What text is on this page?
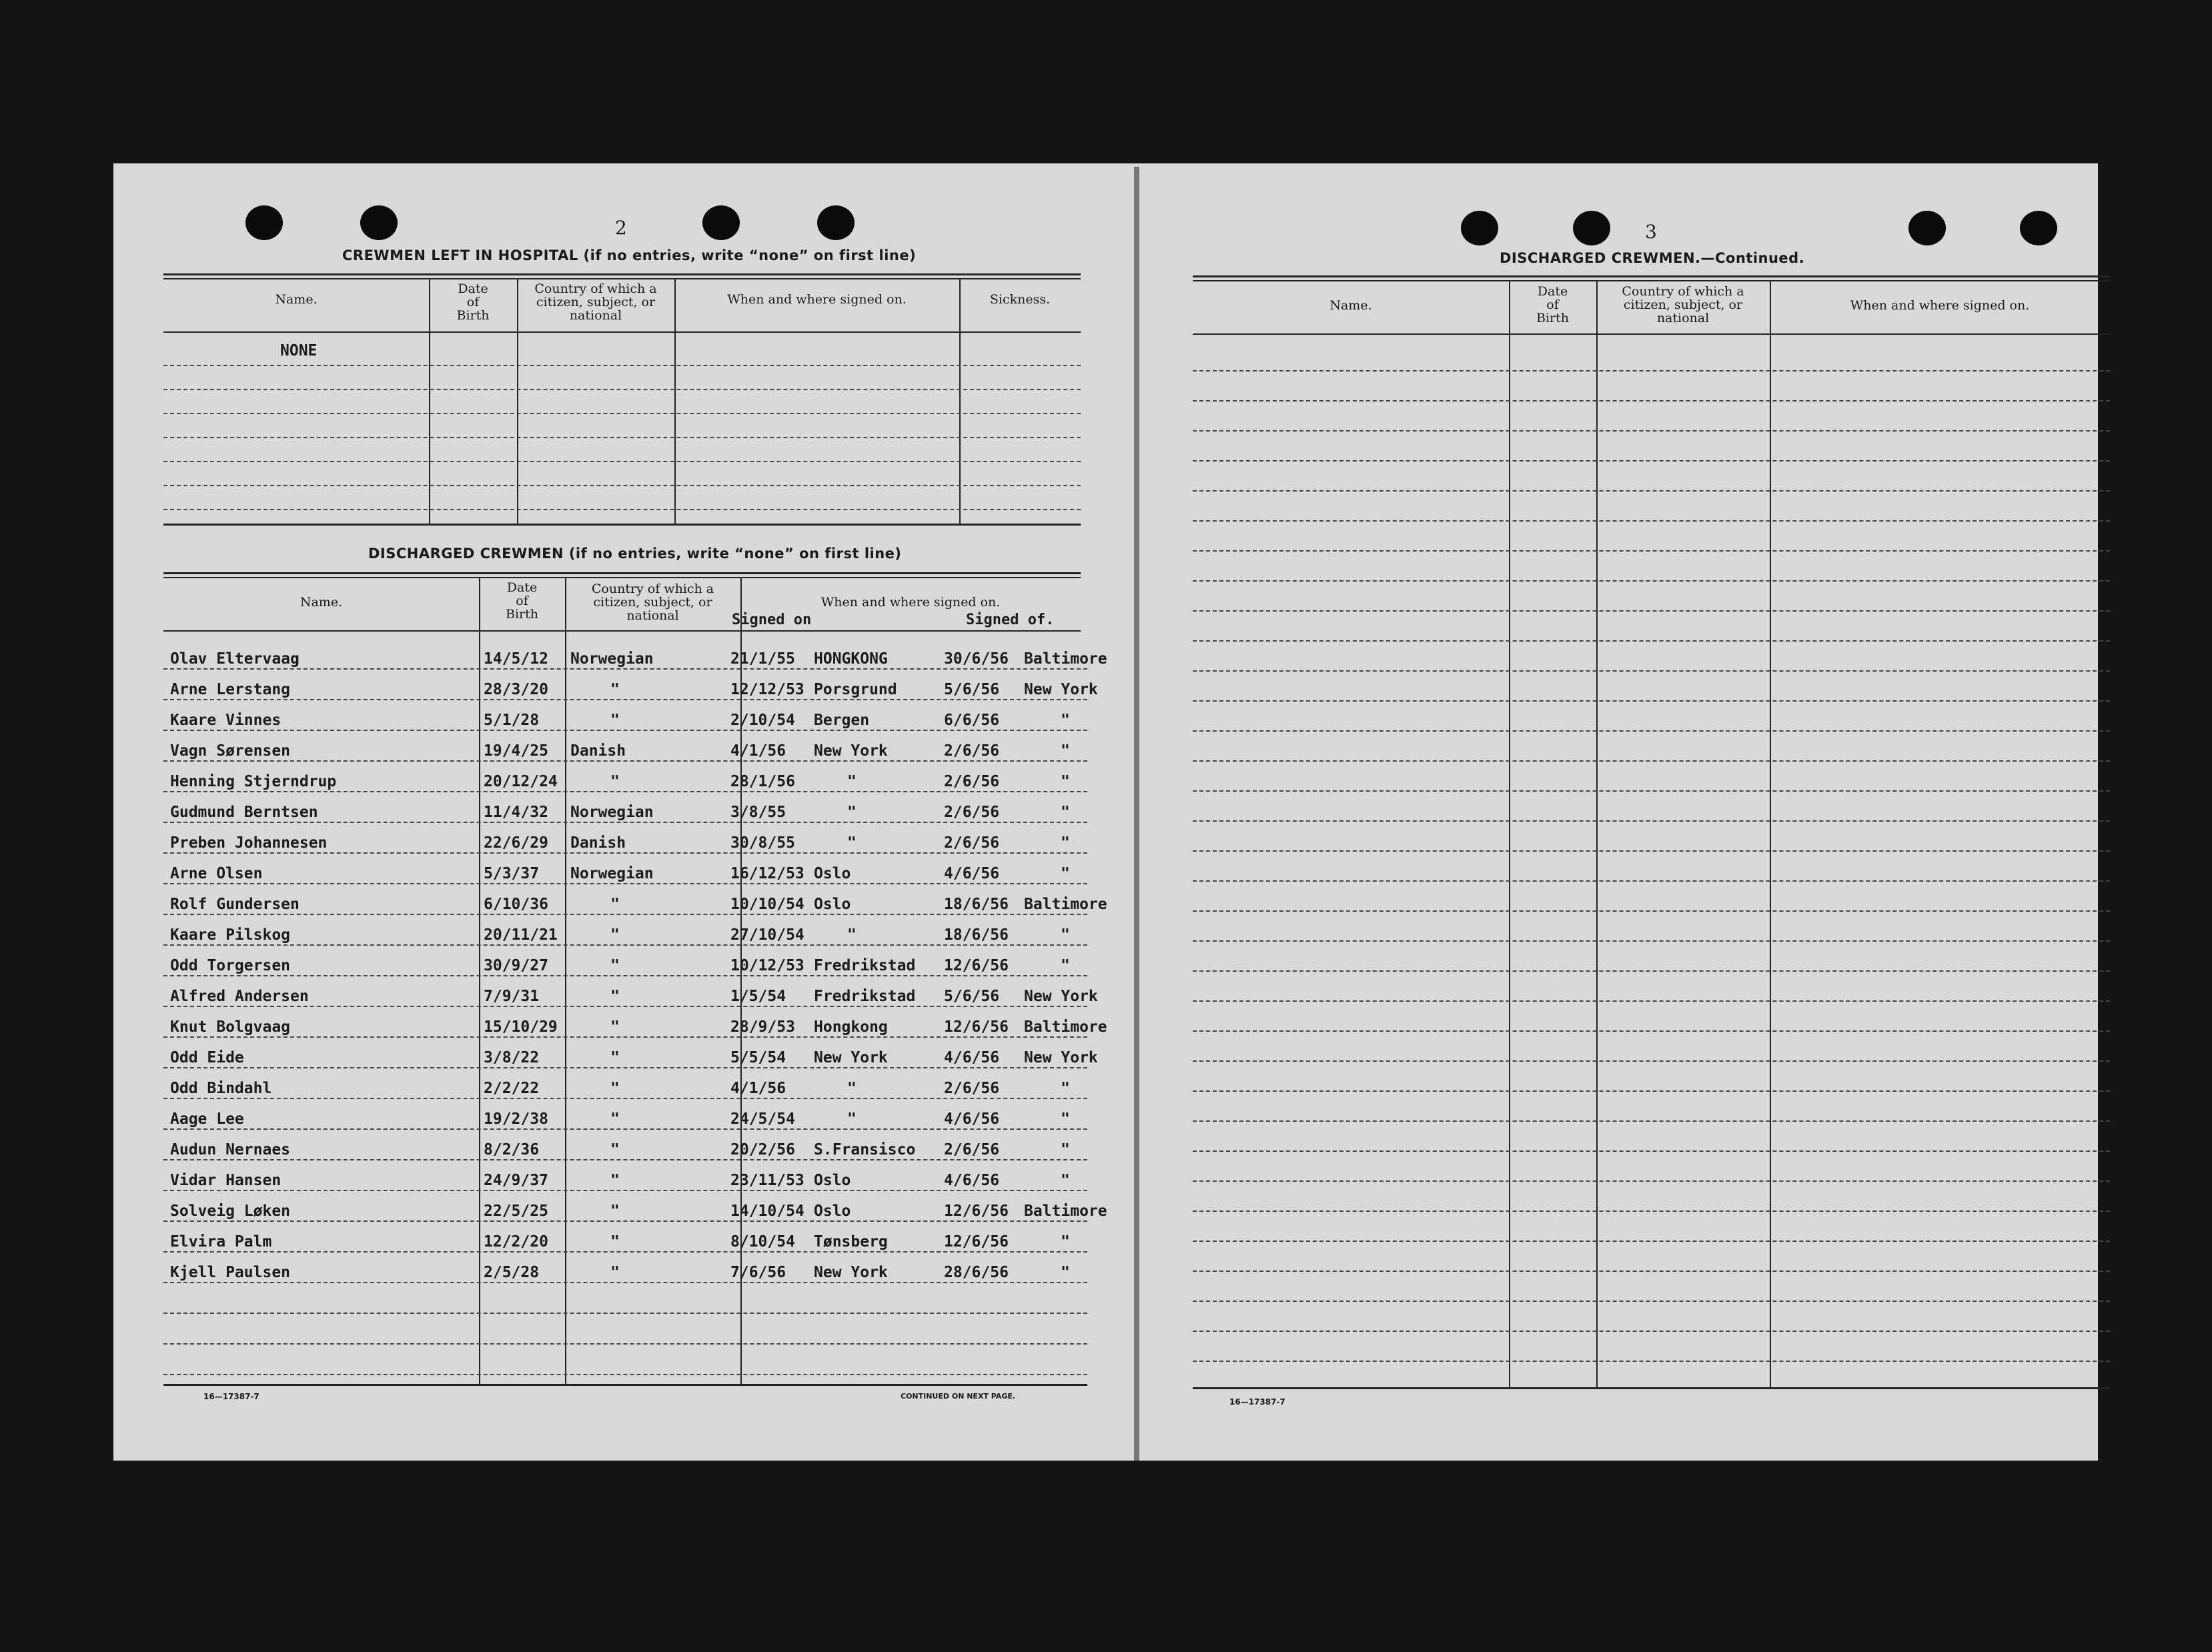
2
CREWMEN LEFT IN HOSPITAL (if no entries, write “none” on first line)
Name.
Date
of
Birth
Country of which a
citizen, subject, or
national
When and where signed on.	Sickness.
NONE
DISCHARGED CREWMEN (if no entries, write “none” on first line)
Name.
Date
of
Birth
Country of which a
citizen, subject, or
national
When and where signed on.
Signed on	Signed of.
Olav Eltervaag	14/5/12 Norwegian	21/1/55 HONGKONG	30/6/56 Baltimore
Arne Lerstang	28/3/20	"	12/12/53 Porsgrund	5/6/56 New York
Kaare Vinnes	5/1/28	"	2/10/54 Bergen	6/6/56	"
Vagn Sørensen	19/4/25 Danish	4/1/56 New York	2/6/56	"
Henning Stjerndrup	20/12/24	"	28/1/56	"	2/6/56	"
Gudmund Berntsen	11/4/32 Norwegian	3/8/55	"	2/6/56	"
Preben Johannesen	22/6/29 Danish	30/8/55	"	2/6/56	"
Arne Olsen	5/3/37 Norwegian	16/12/53 Oslo	4/6/56	"
Rolf Gundersen	6/10/36	"	10/10/54 Oslo	18/6/56 Baltimore
Kaare Pilskog	20/11/21	"	27/10/54	"	18/6/56	"
Odd Torgersen	30/9/27	"	10/12/53 Fredrikstad 12/6/56	"
Alfred Andersen	7/9/31	"	1/5/54 Fredrikstad 5/6/56 New York
Knut Bolgvaag	15/10/29	"	28/9/53 Hongkong	12/6/56 Baltimore
Odd Eide	3/8/22	"	5/5/54 New York	4/6/56 New York
Odd Bindahl	2/2/22	"	4/1/56	"	2/6/56	"
Aage Lee	19/2/38	"	24/5/54	"	4/6/56	"
Audun Nernaes	8/2/36	"	20/2/56 S.Fransisco 2/6/56	"
Vidar Hansen	24/9/37	"	23/11/53 Oslo	4/6/56	"
Solveig Løken	22/5/25	"	14/10/54 Oslo	12/6/56 Baltimore
Elvira Palm	12/2/20	"	8/10/54 Tønsberg	12/6/56	"
Kjell Paulsen	2/5/28	"	7/6/56 New York	28/6/56	"
16—17387-7	CONTINUED ON NEXT PAGE.
3
DISCHARGED CREWMEN.—Continued.
Name.
Date
of
Birth
Country of which a
citizen, subject, or
national
When and where signed on.
16—17387-7
